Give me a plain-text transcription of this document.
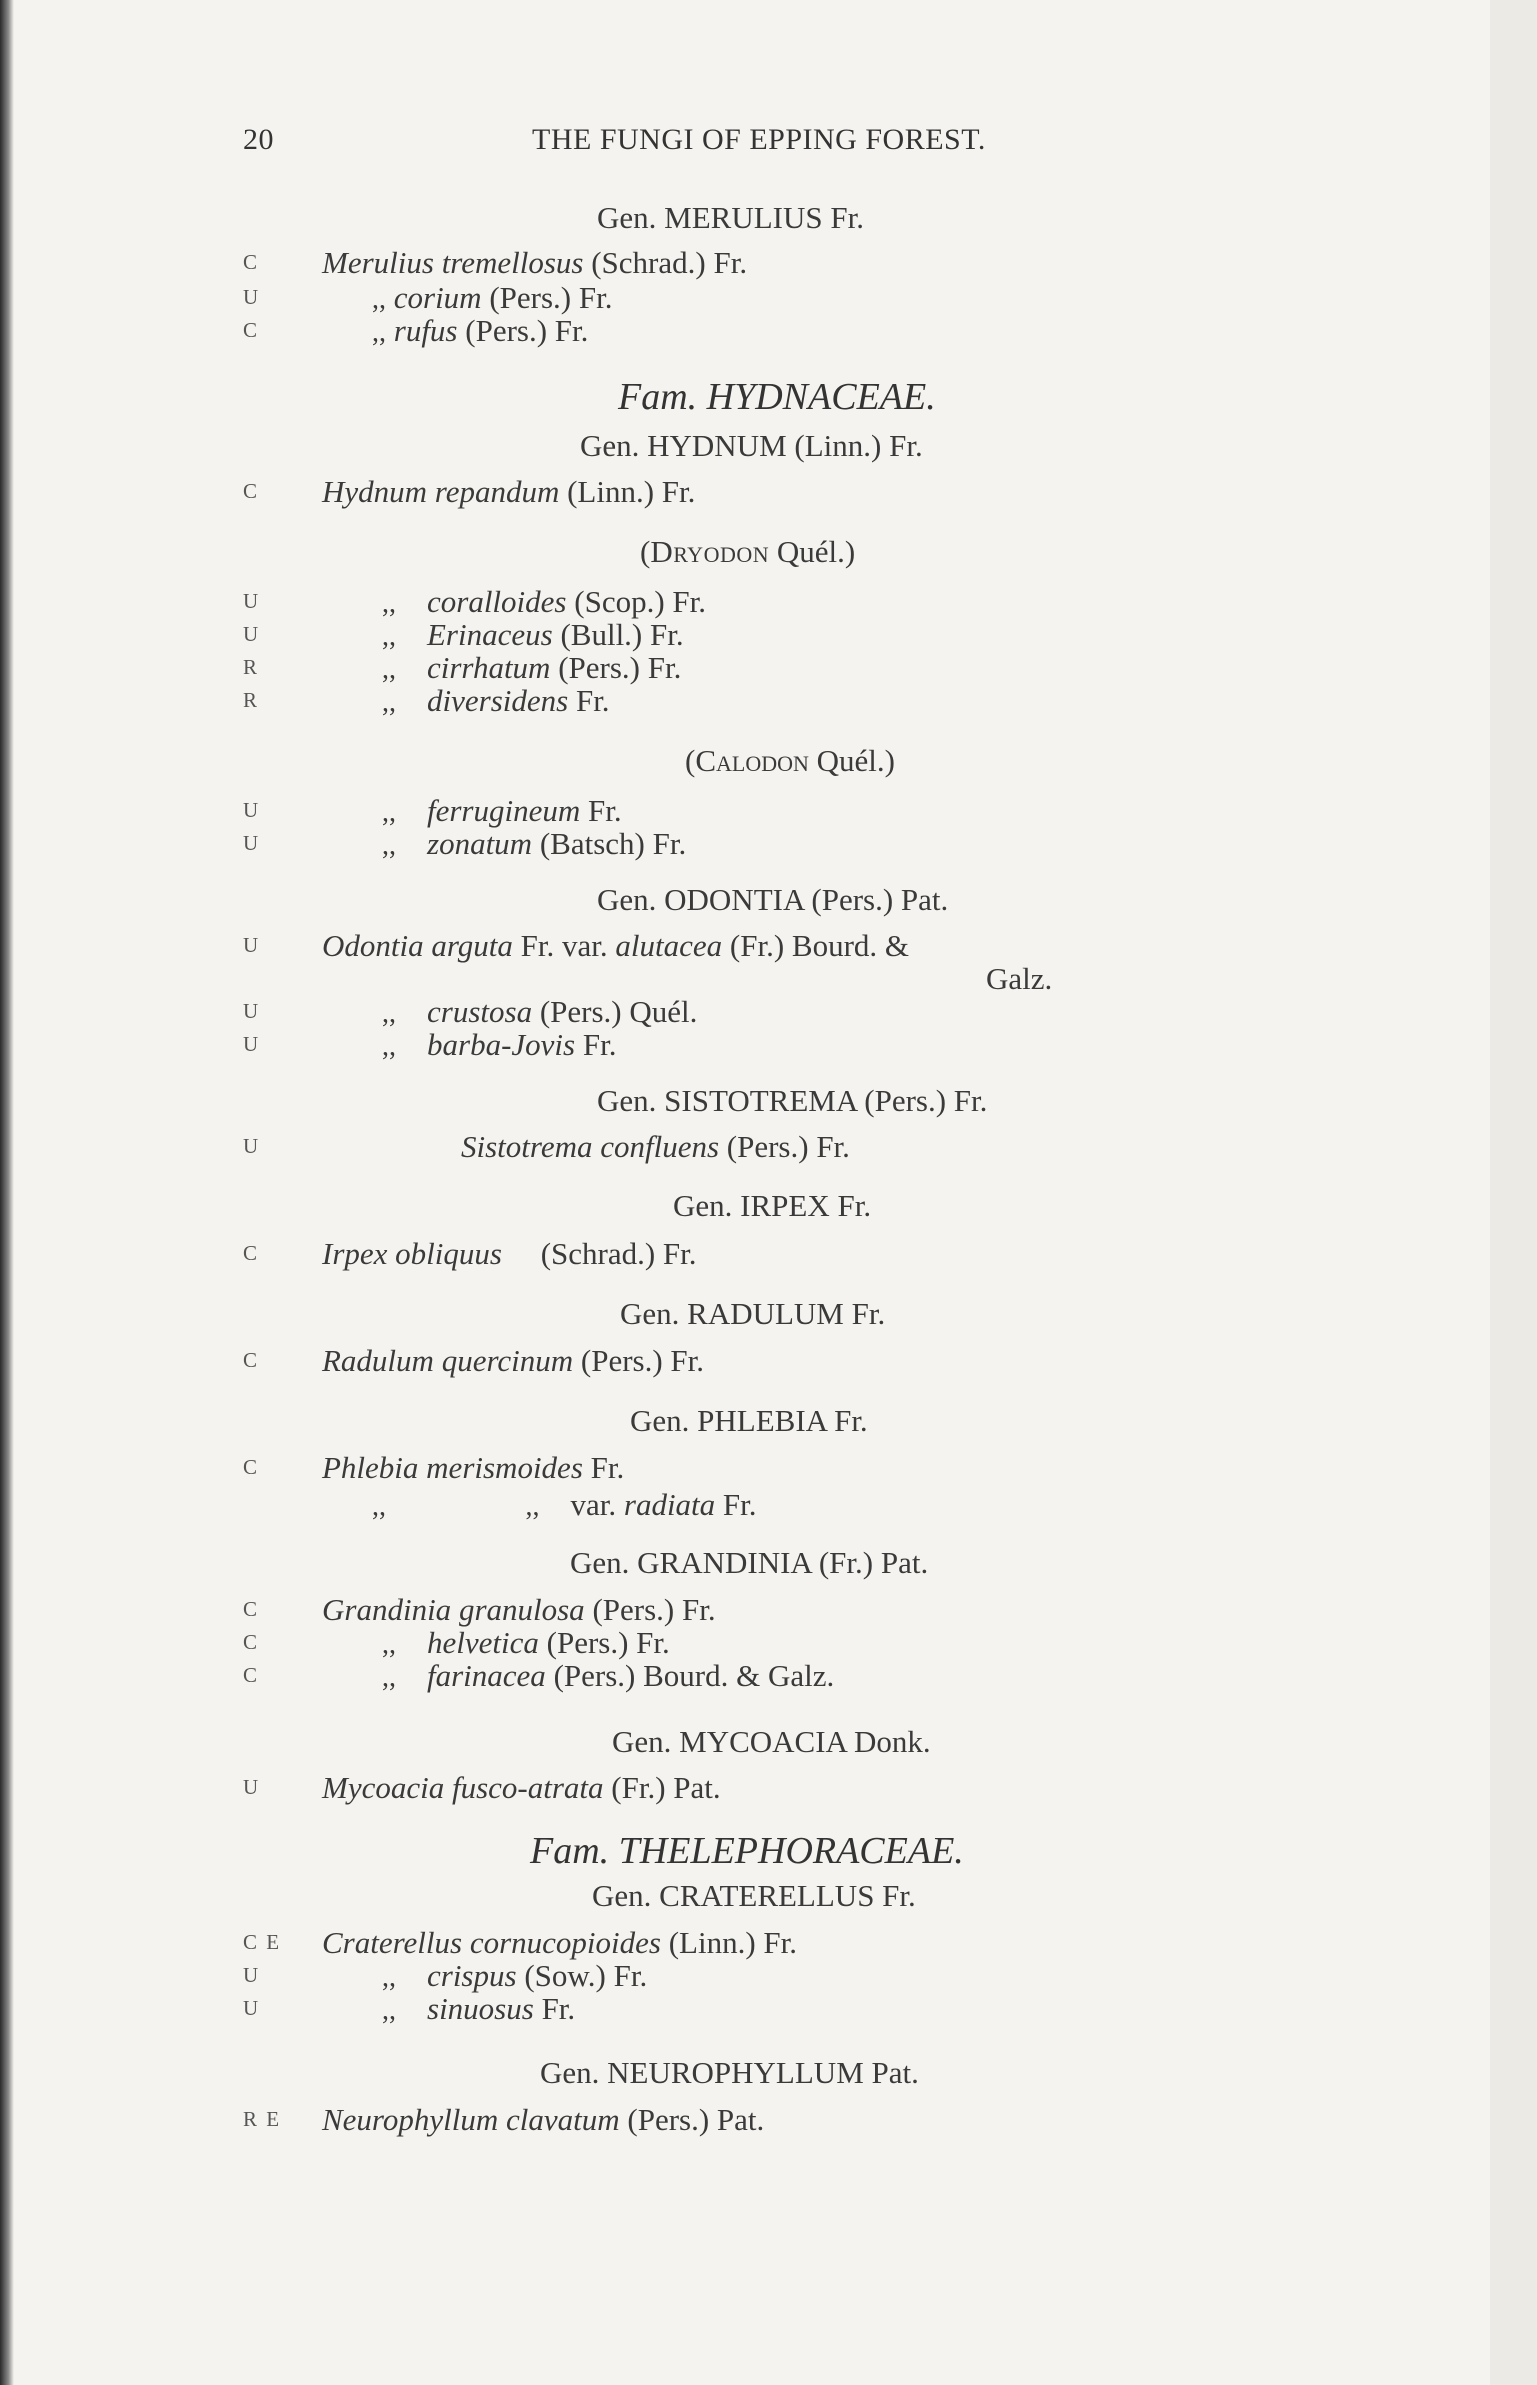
20	THE FUNGI OF EPPING FOREST.
Gen. MERULIUS Fr.
C Merulius tremellosus (Schrad.) Fr.
U	,, corium (Pers.) Fr.
C	,, rufus (Pers.) Fr.
Fam. HYDNACEAE.
Gen. HYDNUM (Linn.) Fr.
C Hydnum repandum (Linn.) Fr.
(Dryodon Quél.)
U	,, coralloides (Scop.) Fr.
U	,, Erinaceus (Bull.) Fr.
R	,, cirrhatum (Pers.) Fr.
R	,, diversidens Fr.
(Calodon Quél.)
U	,, ferrugineum Fr.
U	,, zonatum (Batsch) Fr.
Gen. ODONTIA (Pers.) Pat.
U Odontia arguta Fr. var. alutacea (Fr.) Bourd. &
Galz.
U	,, crustosa (Pers.) Quél.
U	,, barba-Jovis Fr.
Gen. SISTOTREMA (Pers.) Fr.
U	Sistotrema confluens (Pers.) Fr.
Gen. IRPEX Fr.
C Irpex obliquus (Schrad.) Fr.
Gen. RADULUM Fr.
C Radulum quercinum (Pers.) Fr.
Gen. PHLEBIA Fr.
C Phlebia merismoides Fr.
,,	,, var. radiata Fr.
Gen. GRANDINIA (Fr.) Pat.
C Grandinia granulosa (Pers.) Fr.
C	,, helvetica (Pers.) Fr.
C	,, farinacea (Pers.) Bourd. & Galz.
Gen. MYCOACIA Donk.
U Mycoacia fusco-atrata (Fr.) Pat.
Fam. THELEPHORACEAE.
Gen. CRATERELLUS Fr.
C E Craterellus cornucopioides (Linn.) Fr.
U	,, crispus (Sow.) Fr.
U	,, sinuosus Fr.
Gen. NEUROPHYLLUM Pat.
R E Neurophyllum clavatum (Pers.) Pat.
